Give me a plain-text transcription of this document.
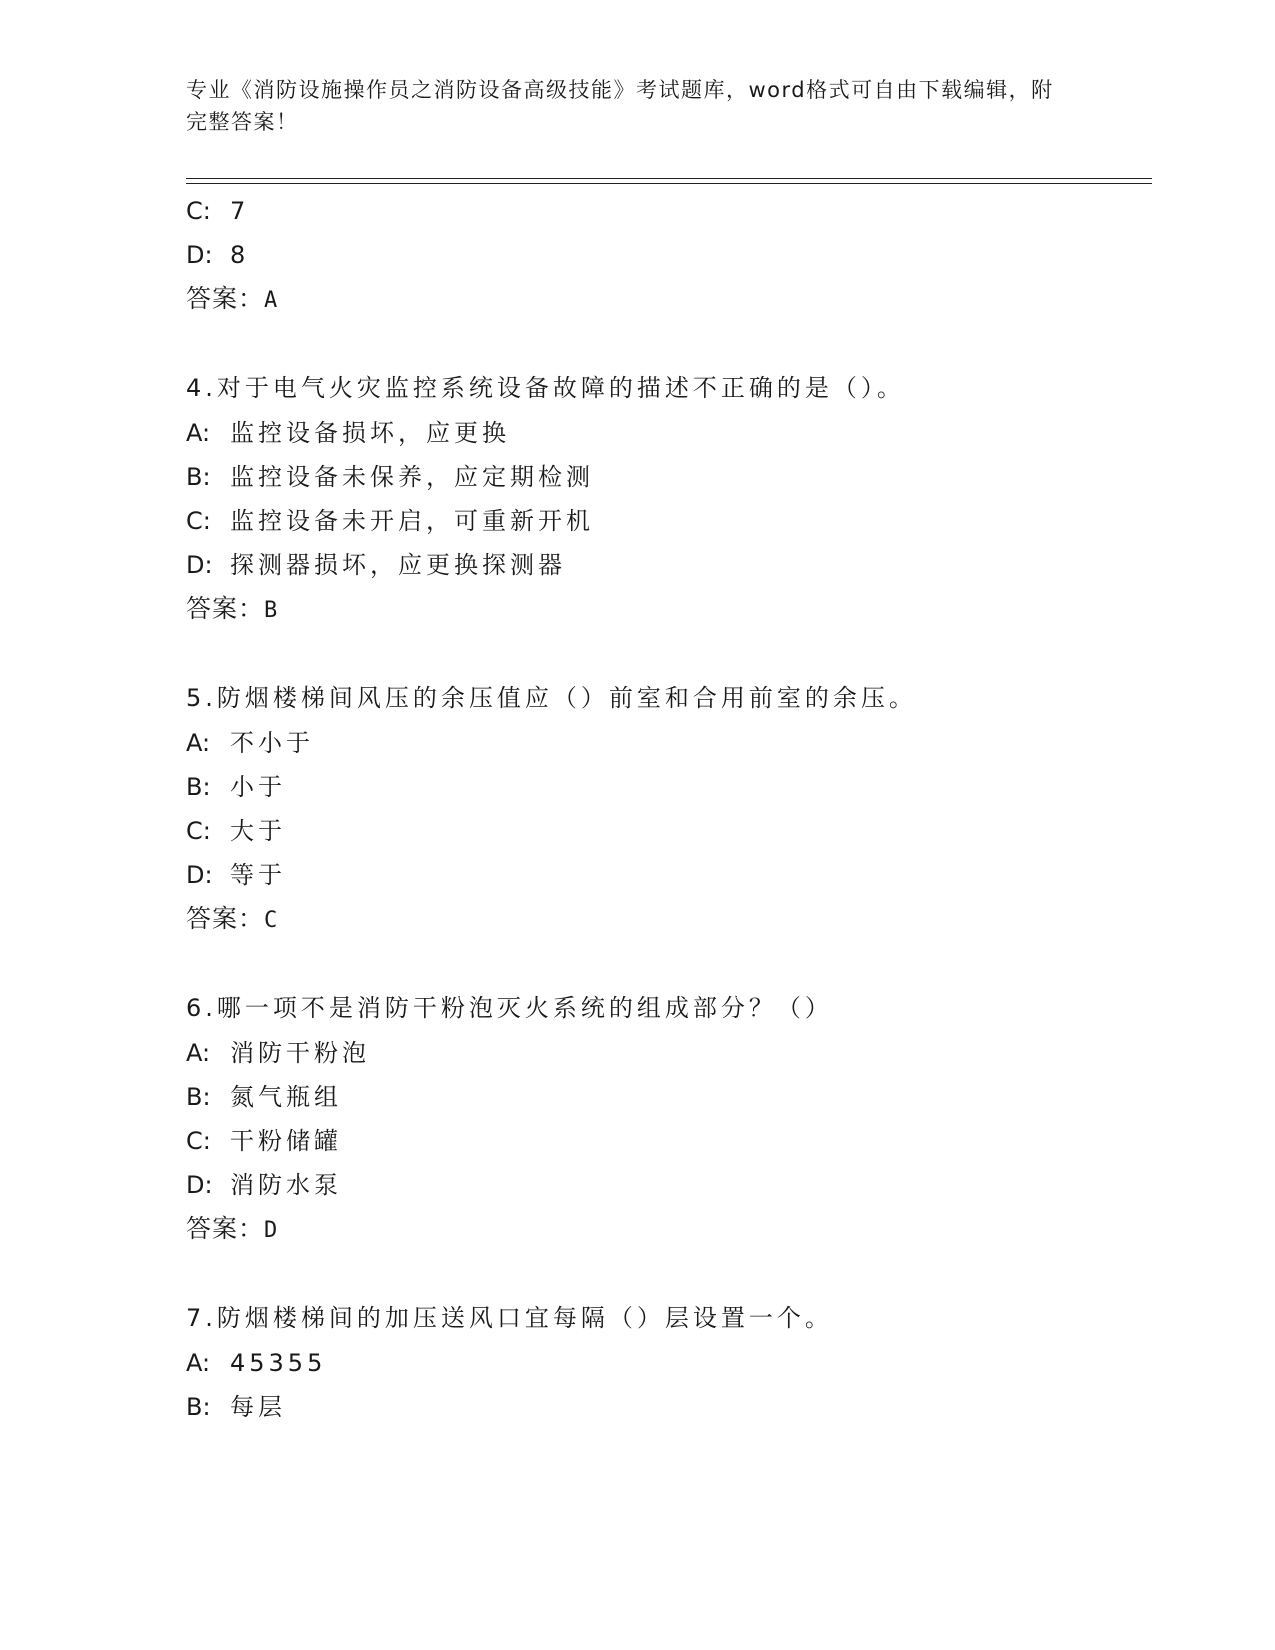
专业《消防设施操作员之消防设备高级技能》考试题库，word格式可自由下载编辑，附完整答案！
C: 7
D: 8
答案：A
4.对于电气火灾监控系统设备故障的描述不正确的是（）。
A: 监控设备损坏，应更换
B: 监控设备未保养，应定期检测
C: 监控设备未开启，可重新开机
D: 探测器损坏，应更换探测器
答案：B
5.防烟楼梯间风压的余压值应（）前室和合用前室的余压。
A: 不小于
B: 小于
C: 大于
D: 等于
答案：C
6.哪一项不是消防干粉泡灭火系统的组成部分？（）
A: 消防干粉泡
B: 氮气瓶组
C: 干粉储罐
D: 消防水泵
答案：D
7.防烟楼梯间的加压送风口宜每隔（）层设置一个。
A: 45355
B: 每层
